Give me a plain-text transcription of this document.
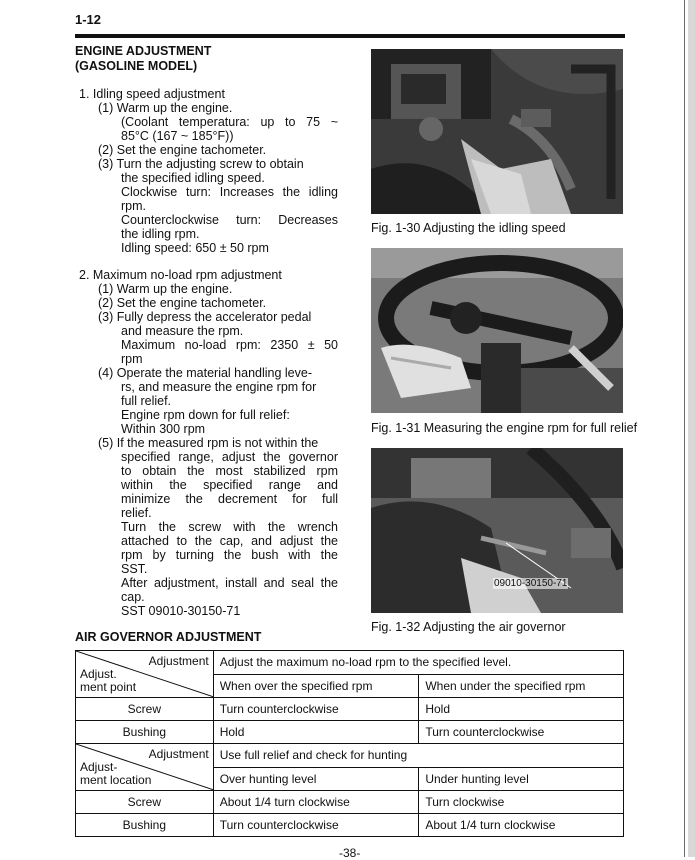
1-12
ENGINE ADJUSTMENT
(GASOLINE MODEL)
1. Idling speed adjustment
(1) Warm up the engine.
(Coolant temperatura: up to 75 ~
85°C (167 ~ 185°F))
(2) Set the engine tachometer.
(3) Turn the adjusting screw to obtain
the specified idling speed.
Clockwise turn: Increases the idling
rpm.
Counterclockwise turn: Decreases
the idling rpm.
Idling speed: 650 ± 50 rpm
2. Maximum no-load rpm adjustment
(1) Warm up the engine.
(2) Set the engine tachometer.
(3) Fully depress the accelerator pedal
and measure the rpm.
Maximum no-load rpm: 2350 ± 50
rpm
(4) Operate the material handling leve-
rs, and measure the engine rpm for
full relief.
Engine rpm down for full relief:
Within 300 rpm
(5) If the measured rpm is not within the
specified range, adjust the governor
to obtain the most stabilized rpm
within the specified range and
minimize the decrement for full
relief.
Turn the screw with the wrench
attached to the cap, and adjust the
rpm by turning the bush with the
SST.
After adjustment, install and seal the
cap.
SST 09010-30150-71
Fig. 1-30 Adjusting the idling speed
Fig. 1-31 Measuring the engine rpm for full relief
09010-30150-71
Fig. 1-32 Adjusting the air governor
AIR GOVERNOR ADJUSTMENT
Adjustment
Adjust.
ment point	Adjust the maximum no-load rpm to the specified level.	
	When over the specified rpm	When under the specified rpm
Screw	Turn counterclockwise	Hold
Bushing	Hold	Turn counterclockwise

Adjustment
Adjust-
ment location	Use full relief and check for hunting	
	Over hunting level	Under hunting level
Screw	About 1/4 turn clockwise	Turn clockwise
Bushing	Turn counterclockwise	About 1/4 turn clockwise
-38-
